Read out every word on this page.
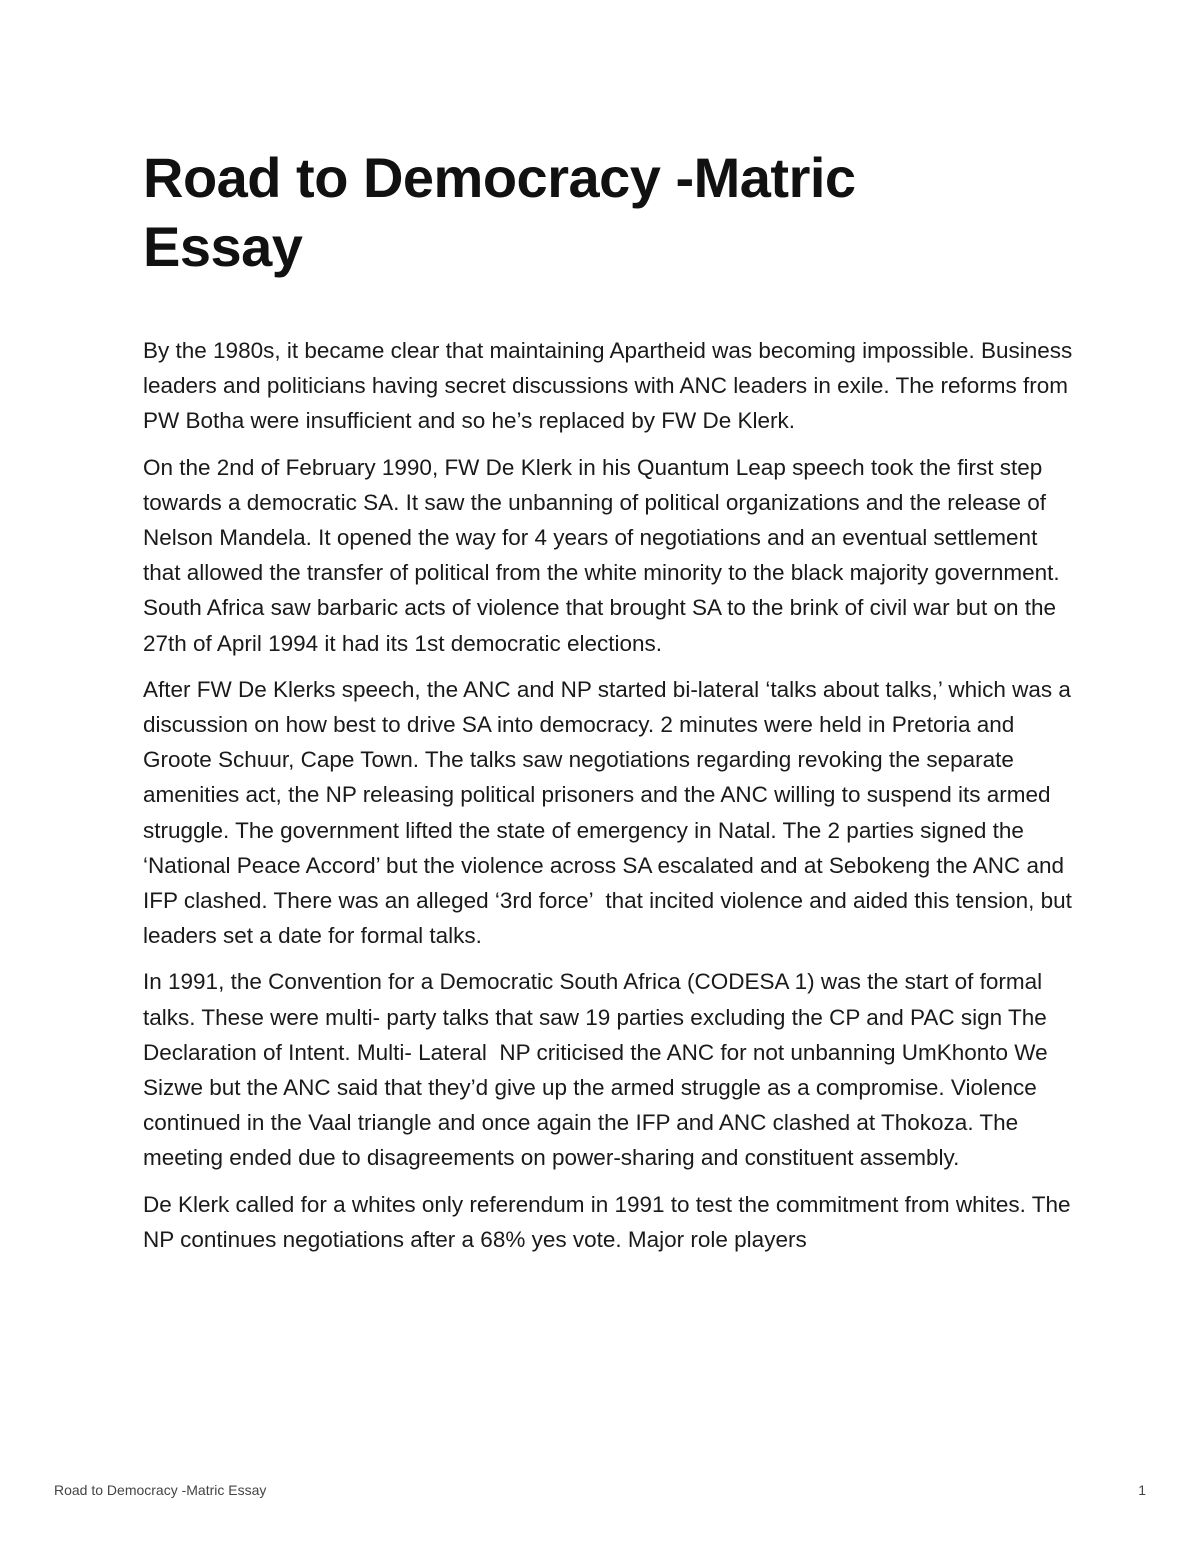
Road to Democracy -Matric
Essay

By the 1980s, it became clear that maintaining Apartheid was becoming impossible. Business leaders and politicians having secret discussions with ANC leaders in exile. The reforms from PW Botha were insufficient and so he’s replaced by FW De Klerk.

On the 2nd of February 1990, FW De Klerk in his Quantum Leap speech took the first step towards a democratic SA. It saw the unbanning of political organizations and the release of Nelson Mandela. It opened the way for 4 years of negotiations and an eventual settlement that allowed the transfer of political from the white minority to the black majority government. South Africa saw barbaric acts of violence that brought SA to the brink of civil war but on the 27th of April 1994 it had its 1st democratic elections.

After FW De Klerks speech, the ANC and NP started bi-lateral ‘talks about talks,’ which was a  discussion on how best to drive SA into democracy. 2 minutes were held in Pretoria and Groote Schuur, Cape Town. The talks saw negotiations regarding revoking the separate amenities act, the NP releasing political prisoners and the ANC willing to suspend its armed struggle. The government lifted the state of emergency in Natal. The 2 parties signed the ‘National Peace Accord’ but the violence across SA escalated and at Sebokeng the ANC and IFP clashed. There was an alleged ‘3rd force’  that incited violence and aided this tension, but leaders set a date for formal talks.

In 1991, the Convention for a Democratic South Africa (CODESA 1) was the start of formal talks. These were multi- party talks that saw 19 parties excluding the CP and PAC sign The Declaration of Intent. Multi- Lateral  NP criticised the ANC for not unbanning UmKhonto We Sizwe but the ANC said that they’d give up the armed struggle as a compromise. Violence continued in the Vaal triangle and once again the IFP and ANC clashed at Thokoza. The meeting ended due to disagreements on power-sharing and constituent assembly.

De Klerk called for a whites only referendum in 1991 to test the commitment from whites. The NP continues negotiations after a 68% yes vote. Major role players

Road to Democracy -Matric Essay	1
